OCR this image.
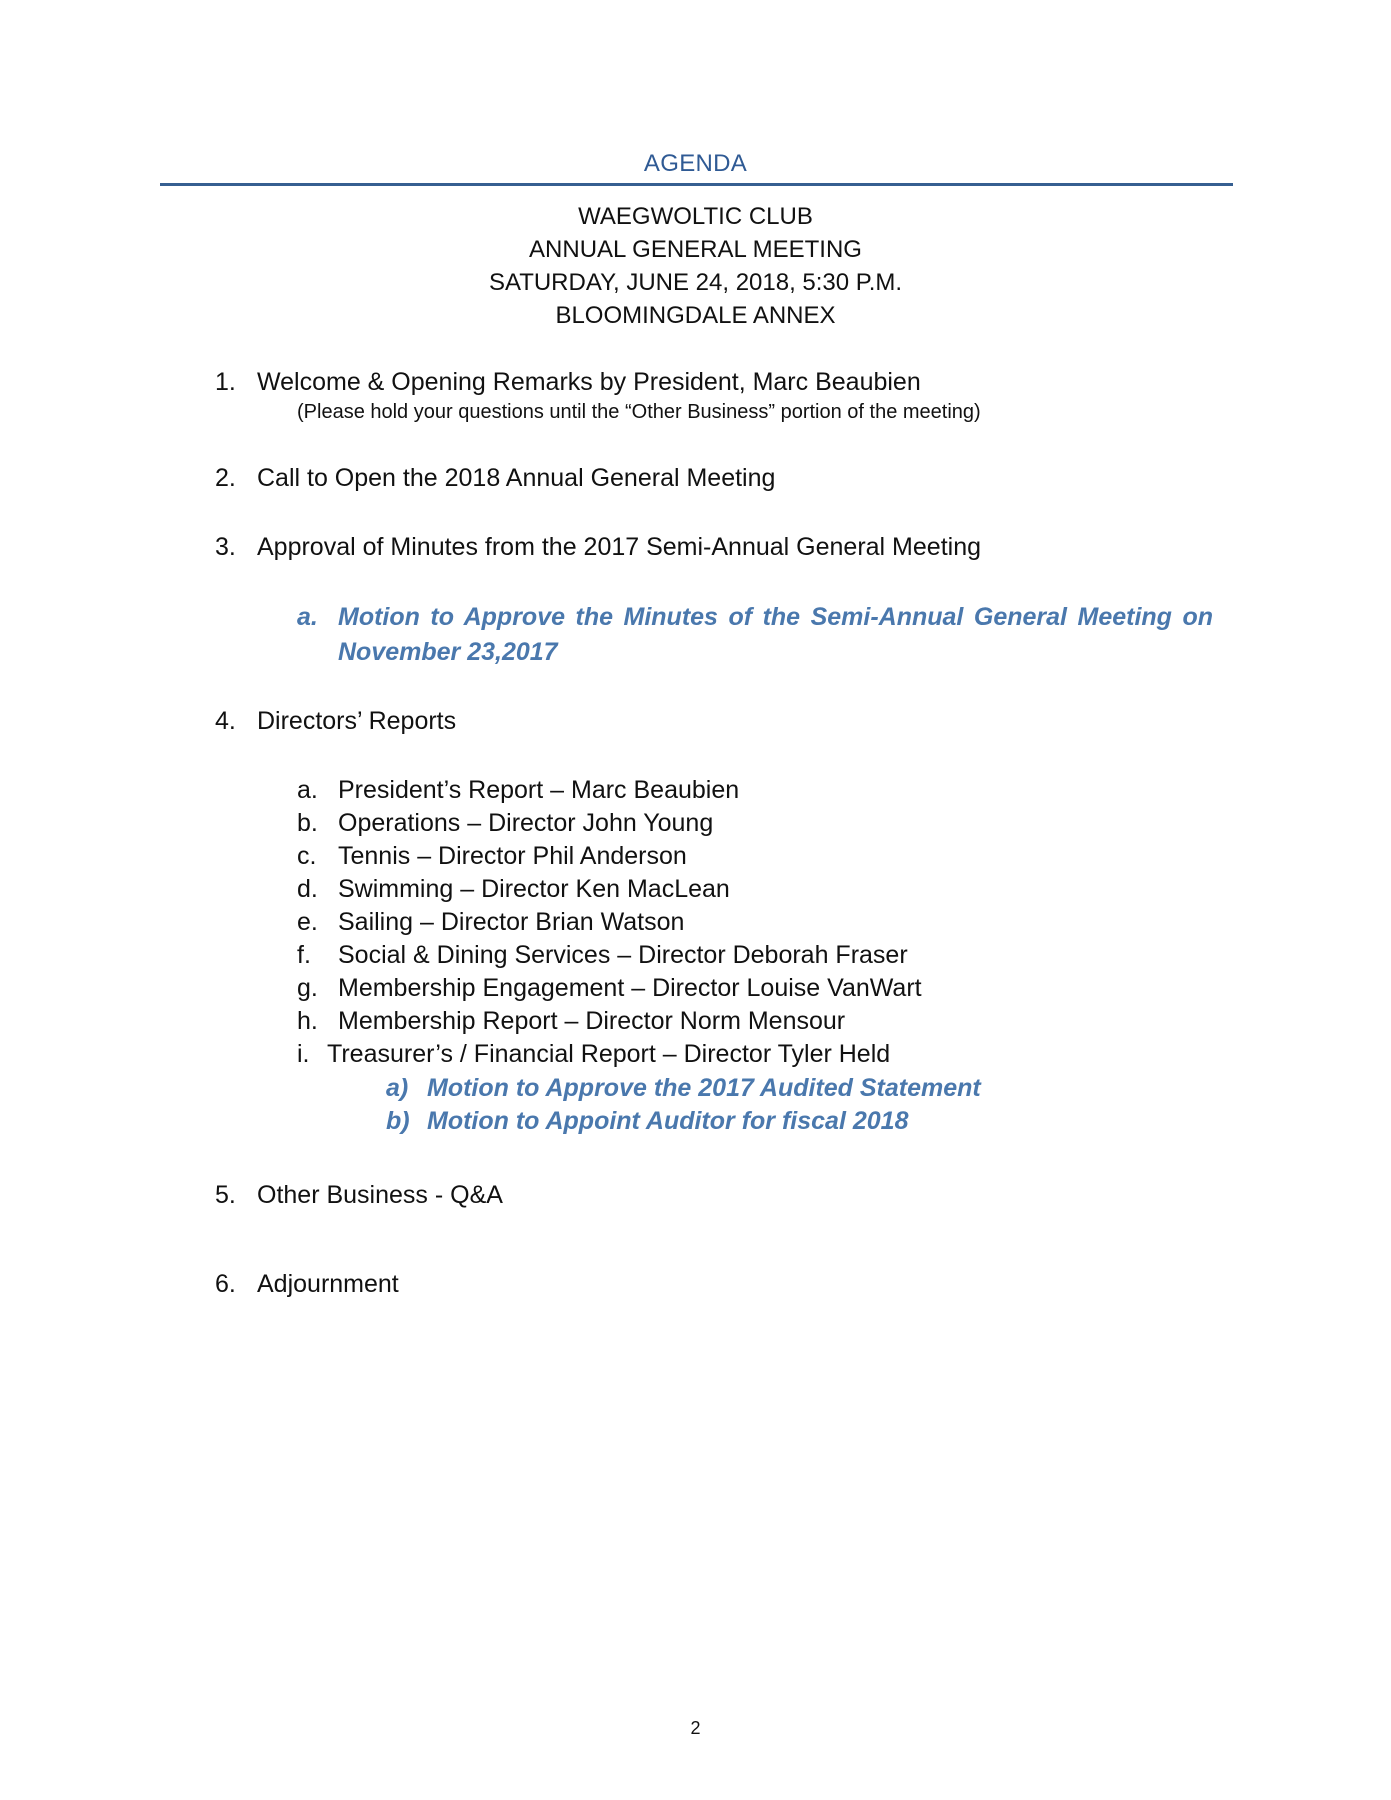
AGENDA
WAEGWOLTIC CLUB
ANNUAL GENERAL MEETING
SATURDAY, JUNE 24, 2018, 5:30 P.M.
BLOOMINGDALE ANNEX
1. Welcome & Opening Remarks by President, Marc Beaubien
(Please hold your questions until the “Other Business” portion of the meeting)
2. Call to Open the 2018 Annual General Meeting
3. Approval of Minutes from the 2017 Semi-Annual General Meeting
a. Motion to Approve the Minutes of the Semi-Annual General Meeting on November 23,2017
4. Directors’ Reports
a. President’s Report – Marc Beaubien
b. Operations – Director John Young
c. Tennis – Director Phil Anderson
d. Swimming – Director Ken MacLean
e. Sailing – Director Brian Watson
f. Social & Dining Services – Director Deborah Fraser
g. Membership Engagement – Director Louise VanWart
h. Membership Report – Director Norm Mensour
i. Treasurer’s / Financial Report – Director Tyler Held
a) Motion to Approve the 2017 Audited Statement
b) Motion to Appoint Auditor for fiscal 2018
5. Other Business - Q&A
6. Adjournment
2
